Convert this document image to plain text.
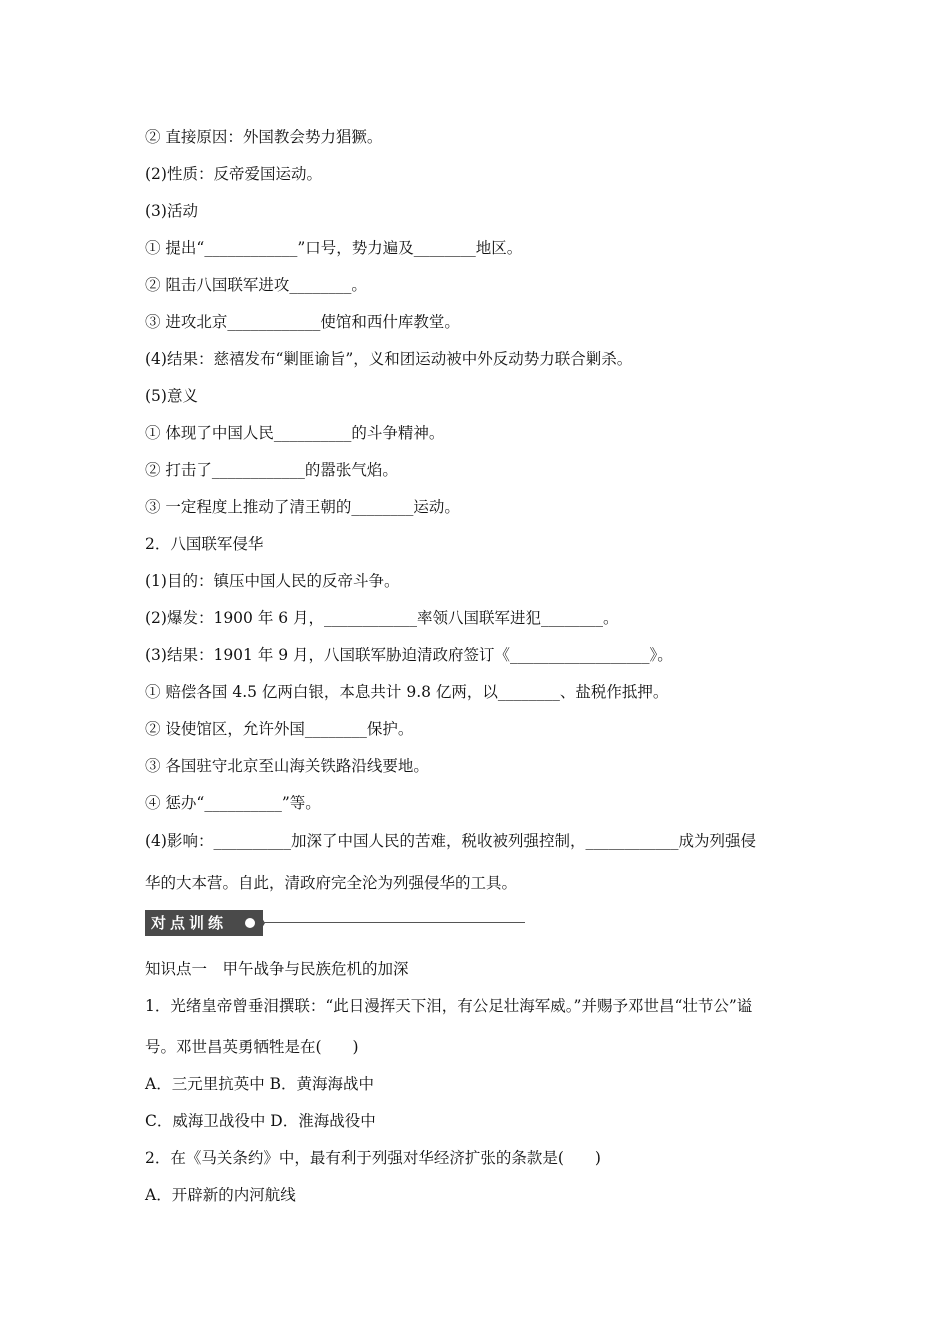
② 直接原因：外国教会势力猖獗。
(2)性质：反帝爱国运动。
(3)活动
① 提出“____________”口号，势力遍及________地区。
② 阻击八国联军进攻________。
③ 进攻北京____________使馆和西什库教堂。
(4)结果：慈禧发布“剿匪谕旨”，义和团运动被中外反动势力联合剿杀。
(5)意义
① 体现了中国人民__________的斗争精神。
② 打击了____________的嚣张气焰。
③ 一定程度上推动了清王朝的________运动。
2．八国联军侵华
(1)目的：镇压中国人民的反帝斗争。
(2)爆发：1900 年 6 月，____________率领八国联军进犯________。
(3)结果：1901 年 9 月，八国联军胁迫清政府签订《__________________》。
① 赔偿各国 4.5 亿两白银，本息共计 9.8 亿两，以________、盐税作抵押。
② 设使馆区，允许外国________保护。
③ 各国驻守北京至山海关铁路沿线要地。
④ 惩办“__________”等。
(4)影响：__________加深了中国人民的苦难，税收被列强控制，____________成为列强侵
华的大本营。自此，清政府完全沦为列强侵华的工具。
对点训练
知识点一　甲午战争与民族危机的加深
1．光绪皇帝曾垂泪撰联：“此日漫挥天下泪，有公足壮海军威。”并赐予邓世昌“壮节公”谥
号。邓世昌英勇牺牲是在(　　)
A．三元里抗英中 B．黄海海战中
C．威海卫战役中 D．淮海战役中
2．在《马关条约》中，最有利于列强对华经济扩张的条款是(　　)
A．开辟新的内河航线
